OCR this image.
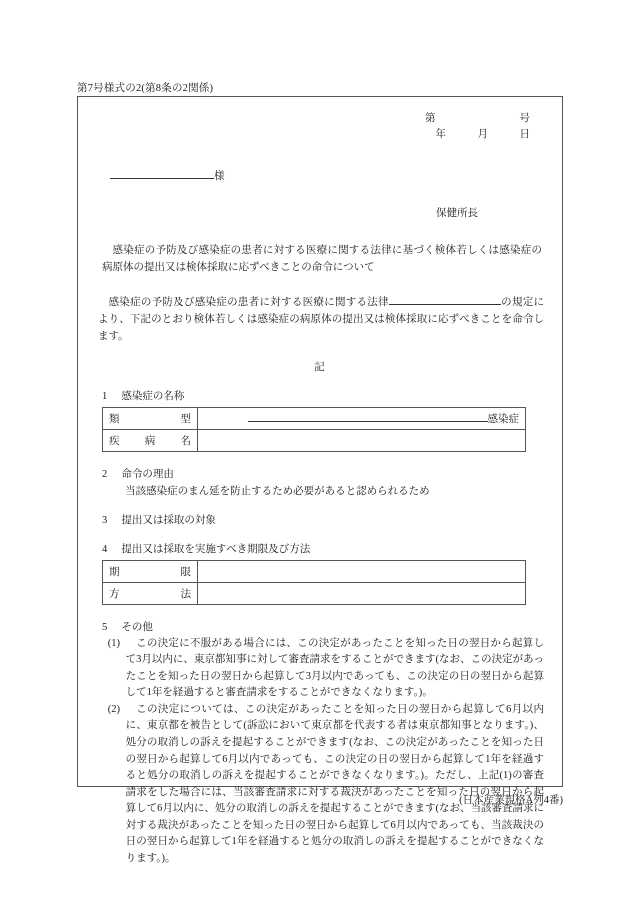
第7号様式の2(第8条の2関係)
第　　　　　　　　号
年　　　月　　　日
様
保健所長
感染症の予防及び感染症の患者に対する医療に関する法律に基づく検体若しくは感染症の病原体の提出又は検体採取に応ずべきことの命令について
感染症の予防及び感染症の患者に対する医療に関する法律	の規定により、下記のとおり検体若しくは感染症の病原体の提出又は検体採取に応ずべきことを命令します。
記
1 感染症の名称
類　　　　型	感染症

疾　病　名	
2 命令の理由
当該感染症のまん延を防止するため必要があると認められるため
3 提出又は採取の対象
4 提出又は採取を実施すべき期限及び方法
期　　　　限	
方　　　　法	
5 その他
(1)	この決定に不服がある場合には、この決定があったことを知った日の翌日から起算して3月以内に、東京都知事に対して審査請求をすることができます(なお、この決定があったことを知った日の翌日から起算して3月以内であっても、この決定の日の翌日から起算して1年を経過すると審査請求をすることができなくなります。)。
(2)	この決定については、この決定があったことを知った日の翌日から起算して6月以内に、東京都を被告として(訴訟において東京都を代表する者は東京都知事となります。)、処分の取消しの訴えを提起することができます(なお、この決定があったことを知った日の翌日から起算して6月以内であっても、この決定の日の翌日から起算して1年を経過すると処分の取消しの訴えを提起することができなくなります。)。ただし、上記(1)の審査請求をした場合には、当該審査請求に対する裁決があったことを知った日の翌日から起算して6月以内に、処分の取消しの訴えを提起することができます(なお、当該審査請求に対する裁決があったことを知った日の翌日から起算して6月以内であっても、当該裁決の日の翌日から起算して1年を経過すると処分の取消しの訴えを提起することができなくなります。)。
(日本産業規格A列4番)
